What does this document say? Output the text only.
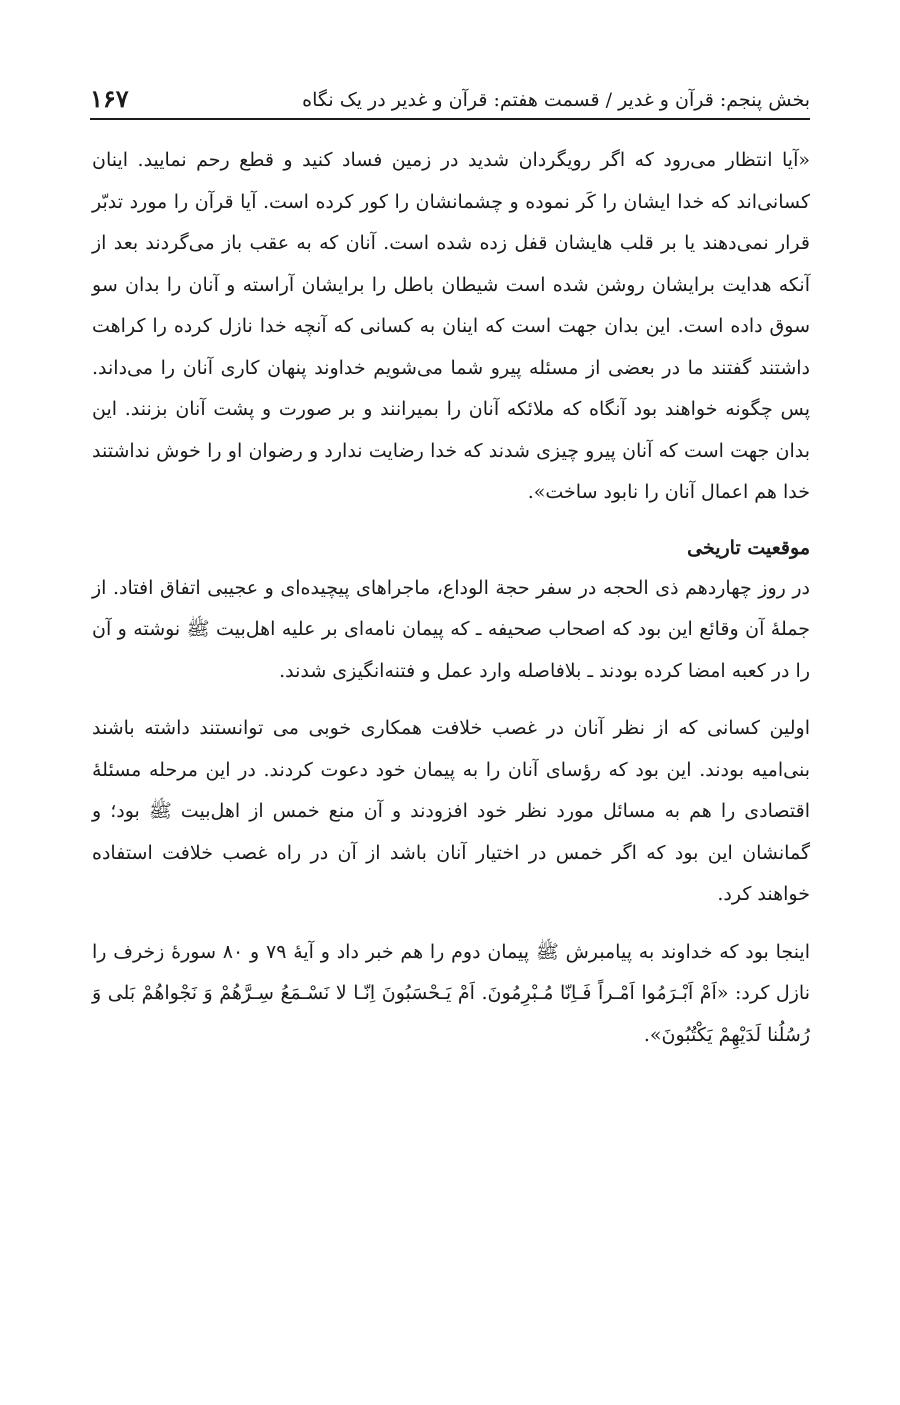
بخش پنجم: قرآن و غدیر / قسمت هفتم: قرآن و غدیر در یک نگاه
۱۶۷

«آیا انتظار می‌رود که اگر رویگردان شدید در زمین فساد کنید و قطع رحم نمایید. اینان کسانی‌اند که خدا ایشان را کَر نموده و چشمانشان را کور کرده است. آیا قرآن را مورد تدبّر قرار نمی‌دهند یا بر قلب هایشان قفل زده شده است. آنان که به عقب باز می‌گردند بعد از آنکه هدایت برایشان روشن شده است شیطان باطل را برایشان آراسته و آنان را بدان سو سوق داده است. این بدان جهت است که اینان به کسانی که آنچه خدا نازل کرده را کراهت داشتند گفتند ما در بعضی از مسئله پیرو شما می‌شویم خداوند پنهان کاری آنان را می‌داند. پس چگونه خواهند بود آنگاه که ملائکه آنان را بمیرانند و بر صورت و پشت آنان بزنند. این بدان جهت است که آنان پیرو چیزی شدند که خدا رضایت ندارد و رضوان او را خوش نداشتند خدا هم اعمال آنان را نابود ساخت».

موقعیت تاریخی

در روز چهاردهم ذی الحجه در سفر حجة الوداع، ماجراهای پیچیده‌ای و عجیبی اتفاق افتاد. از جملهٔ آن وقائع این بود که اصحاب صحیفه ـ که پیمان نامه‌ای بر علیه اهل‌بیت ﷺ نوشته و آن را در کعبه امضا کرده بودند ـ بلافاصله وارد عمل و فتنه‌انگیزی شدند.

اولین کسانی که از نظر آنان در غصب خلافت همکاری خوبی می توانستند داشته باشند بنی‌امیه بودند. این بود که رؤسای آنان را به پیمان خود دعوت کردند. در این مرحله مسئلهٔ اقتصادی را هم به مسائل مورد نظر خود افزودند و آن منع خمس از اهل‌بیت ﷺ بود؛ و گمانشان این بود که اگر خمس در اختیار آنان باشد از آن در راه غصب خلافت استفاده خواهند کرد.

اینجا بود که خداوند به پیامبرش ﷺ پیمان دوم را هم خبر داد و آیهٔ ۷۹ و ۸۰ سورهٔ زخرف را نازل کرد: «اَمْ اَبْـرَمُوا اَمْـراً فَـاِنّا مُـبْرِمُونَ. اَمْ یَـحْسَبُونَ اِنّـا لا نَسْـمَعُ سِـرَّهُمْ وَ نَجْواهُمْ بَلی وَ رُسُلُنا لَدَیْهِمْ یَکْتُبُونَ».
